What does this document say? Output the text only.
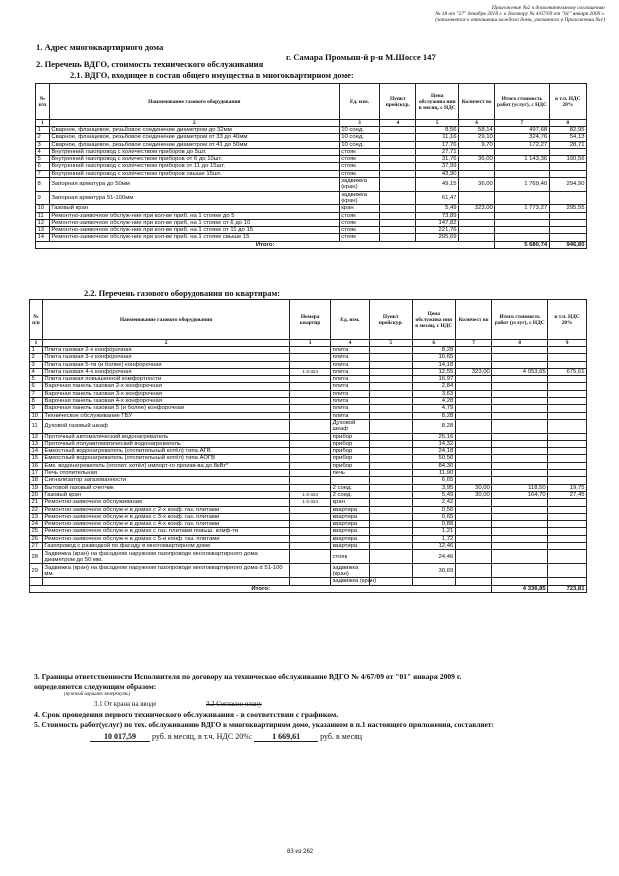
Приложение №2 к дополнительному соглашению
№ 18 от "27" декабря 2018 г. к договору № 4/67/09 от "01" января 2009 г.
(заполняется в отношении каждого дома, указанного в Приложении №1)
1. Адрес многоквартирного дома
г. Самара Промыш-й р-н М.Шоссе 147
2. Перечень ВДГО, стоимость технического обслуживания
2.1. ВДГО, входящее в состав общего имущества в многоквартирном доме:
№ п/п	Наименование газового оборудования	Ед. изм.	Пункт прейскур.	Цена обслужива ния в месяц, с НДС	Количест во	Итого стоимость работ (услуг), с НДС	в т.ч. НДС 20%
1	2	3	4	5	6	7	8
1	Сварное, фланцевое, резьбовое соединение диаметром до 32мм	10 соед.		8,56	58,14	497,68	82,95
2	Сварное, фланцевое, резьбовое соединение диаметром от 33 до 40мм	10 соед.		11,16	29,10	324,76	54,13
3	Сварное, фланцевое, резьбовое соединение диаметром от 41 до 50мм	10 соед.		17,76	9,70	172,27	28,71
4	Внутренний газопровод с количеством приборов до 5шт.	стояк		27,71			
5	Внутренний газопровод с количеством приборов от 6 до 10шт.	стояк		31,76	36,00	1 143,36	190,56
6	Внутренний газопровод с количеством приборов от 11 до 15шт.	стояк		37,99			
7	Внутренний газопровод с количеством приборов свыше 15шт.	стояк		43,90			
8	Запорная арматура до 50мм	задвижка (кран)		49,15	36,00	1 769,40	294,90
9	Запорная арматура 51-100мм	задвижка (кран)		61,47			
10	Газовый кран	кран		5,49	323,00	1 773,27	295,55
11	Ремонтно-заявочное обслуж-ние при кол-ве приб. на 1 стояке до 5	стояк		73,89			
12	Ремонтно-заявочное обслуж-ние при кол-ве приб. на 1 стояке от 6 до 10	стояк		147,82			
13	Ремонтно-заявочное обслуж-ние при кол-ве приб. на 1 стояке от 11 до 15	стояк		221,76			
14	Ремонтно-заявочное обслуж-ние при кол-ве приб. на 1 стояке свыше 15	стояк		295,69			
Итого:						5 680,74	946,80
2.2. Перечень газового оборудования по квартирам:
№ п/п	Наименование газового оборудования	Номера квартир	Ед. изм.	Пункт прейскур.	Цена обслужива ния в месяц, с НДС	Количест во	Итого стоимость работ (услуг), с НДС	в т.ч. НДС 20%
1	2	3	4	5	6	7	8	9
1	Плита газовая 2-х конфорочная		плита		8,28			
2	Плита газовая 3-х конфорочная		плита		10,65			
3	Плита газовая 5-ти (и более) конфорочная		плита		14,18			
4	Плита газовая 4-х конфорочная	1-3-324	плита		12,55	323,00	4 053,65	675,61
5	Плита газовая повышенной комфортности		плита		16,97			
6	Варочная панель газовая 2-х конфорочная		плита		2,84			
7	Варочная панель газовая 3-х конфорочная		плита		3,63			
8	Варочная панель газовая 4-х конфорочная		плита		4,28			
9	Варочная панель газовая 5 (и более) конфорочная		плита		4,79			
10	Техническое обслуживание ГБУ		плита		8,28			
11	Духовой газовый шкаф		Духовой шкаф		8,28			
12	Проточный автоматический водонагреватель		прибор		25,16			
13	Проточный полуавтоматический водонагреватель		прибор		14,32			
14	Емкостный водонагреватель (отопительный котёл) типа АГВ		прибор		24,18			
15	Емкостный водонагреватель (отопительный котёл) типа АОГВ		прибор		50,56			
16	Емк. водонагреватель (отопит. котёл) импорт-го произв-ва до 8кВт*		прибор		84,30			
17	Печь отопительная		печь		11,90			
18	Сигнализатор загазованности				6,65			
19	Бытовой газовый счетчик		2 соед.		3,95	30,00	118,50	19,75
20	Газовый кран	1-3-324	2 соед.		5,49	30,00	164,70	27,45
21	Ремонтно-заявочное обслуживание	1-3-324	кран		2,42			
22	Ремонтно-заявочное обслуж-е в домах с 2-х конф. газ. плитами		квартира		0,56			
23	Ремонтно-заявочное обслуж-е в домах с 3-х конф. газ. плитами		квартира		0,65			
24	Ремонтно-заявочное обслуж-е в домах с 4-х конф. газ. плитами		квартира		0,88			
25	Ремонтно-заявочное обслуж-е в домах с газ. плитами повыш. комф-ти		квартира		1,21			
26	Ремонтно-заявочное обслуж-е в домах с 5-и конф. газ. плитами		квартира		1,72			
27	Газопровод с разводкой по фасаду в многоквартирном доме		квартира		12,46			
28	Задвижка (кран) на фасадном наружном газопроводе многоквартирного дома диаметром до 50 мм.		стояк		24,46			
29	Задвижка (кран) на фасадном наружном газопроводе многоквартирного дома d 51-100 мм.		задвижка (кран)		30,69			
			задвижка (кран)					
Итого:							4 336,85	723,81
3. Границы ответственности Исполнителя по договору на техническое обслуживание ВДГО № 4/67/09 от "01" января 2009 г.
определяются следующим образом:
(нужный вариант зачеркнуть)
3.1 От крана на вводе	3.2 Согласно плану
4. Срок проведения первого технического обслуживания - в соответствии с графиком.
5. Стоимость работ(услуг) по тех. обслуживанию ВДГО в многоквартирном доме, указанном в п.1 настоящего приложения, составляет:
10 017,59 руб. в месяц, в т.ч. НДС 20%:	1 669,61	руб. в месяц
83 из 262
